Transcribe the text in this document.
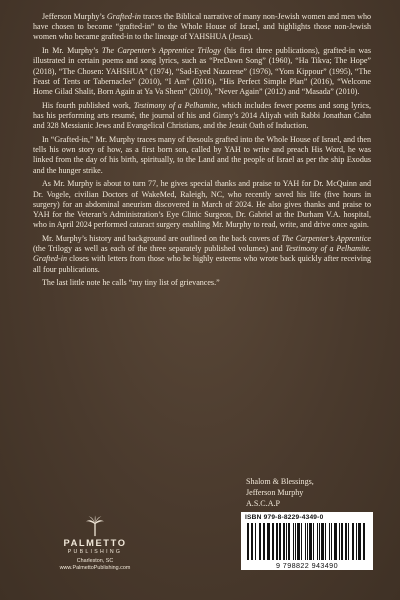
Jefferson Murphy’s Grafted-in traces the Biblical narrative of many non-Jewish women and men who have chosen to become “grafted-in” to the Whole House of Israel, and highlights those non-Jewish women who became grafted-in to the lineage of YAHSHUA (Jesus).

In Mr. Murphy’s The Carpenter’s Apprentice Trilogy (his first three publications), grafted-in was illustrated in certain poems and song lyrics, such as “PreDawn Song” (1960), “Ha Tikva; The Hope” (2018), “The Chosen: YAHSHUA” (1974), “Sad-Eyed Nazarene” (1976), “Yom Kippour” (1995), “The Feast of Tents or Tabernacles” (2010), “I Am” (2016), “His Perfect Simple Plan” (2016), “Welcome Home Gilad Shalit, Born Again at Ya Va Shem” (2010), “Never Again” (2012) and “Masada” (2010).

His fourth published work, Testimony of a Pelhamite, which includes fewer poems and song lyrics, has his performing arts resumé, the journal of his and Ginny’s 2014 Aliyah with Rabbi Jonathan Cahn and 328 Messianic Jews and Evangelical Christians, and the Jesuit Oath of Induction.

In “Grafted-in,” Mr. Murphy traces many of thesouls grafted into the Whole House of Israel, and then tells his own story of how, as a first born son, called by YAH to write and preach His Word, he was linked from the day of his birth, spiritually, to the Land and the people of Israel as per the ship Exodus and the hunger strike.

As Mr. Murphy is about to turn 77, he gives special thanks and praise to YAH for Dr. McQuinn and Dr. Vogele, civilian Doctors of WakeMed, Raleigh, NC, who recently saved his life (five hours in surgery) for an abdominal aneurism discovered in March of 2024. He also gives thanks and praise to YAH for the Veteran’s Administration’s Eye Clinic Surgeon, Dr. Gabriel at the Durham V.A. hospital, who in April 2024 performed cataract surgery enabling Mr. Murphy to read, write, and drive once again.

Mr. Murphy’s history and background are outlined on the back covers of The Carpenter’s Apprentice (the Trilogy as well as each of the three separately published volumes) and Testimony of a Pelhamite. Grafted-in closes with letters from those who he highly esteems who wrote back quickly after receiving all four publications.

The last little note he calls “my tiny list of grievances.”

Shalom & Blessings,
Jefferson Murphy
A.S.C.A.P
PALMETTO
PUBLISHING
Charleston, SC
www.PalmettoPublishing.com
ISBN 979-8-8229-4349-0
9 798822 943490
